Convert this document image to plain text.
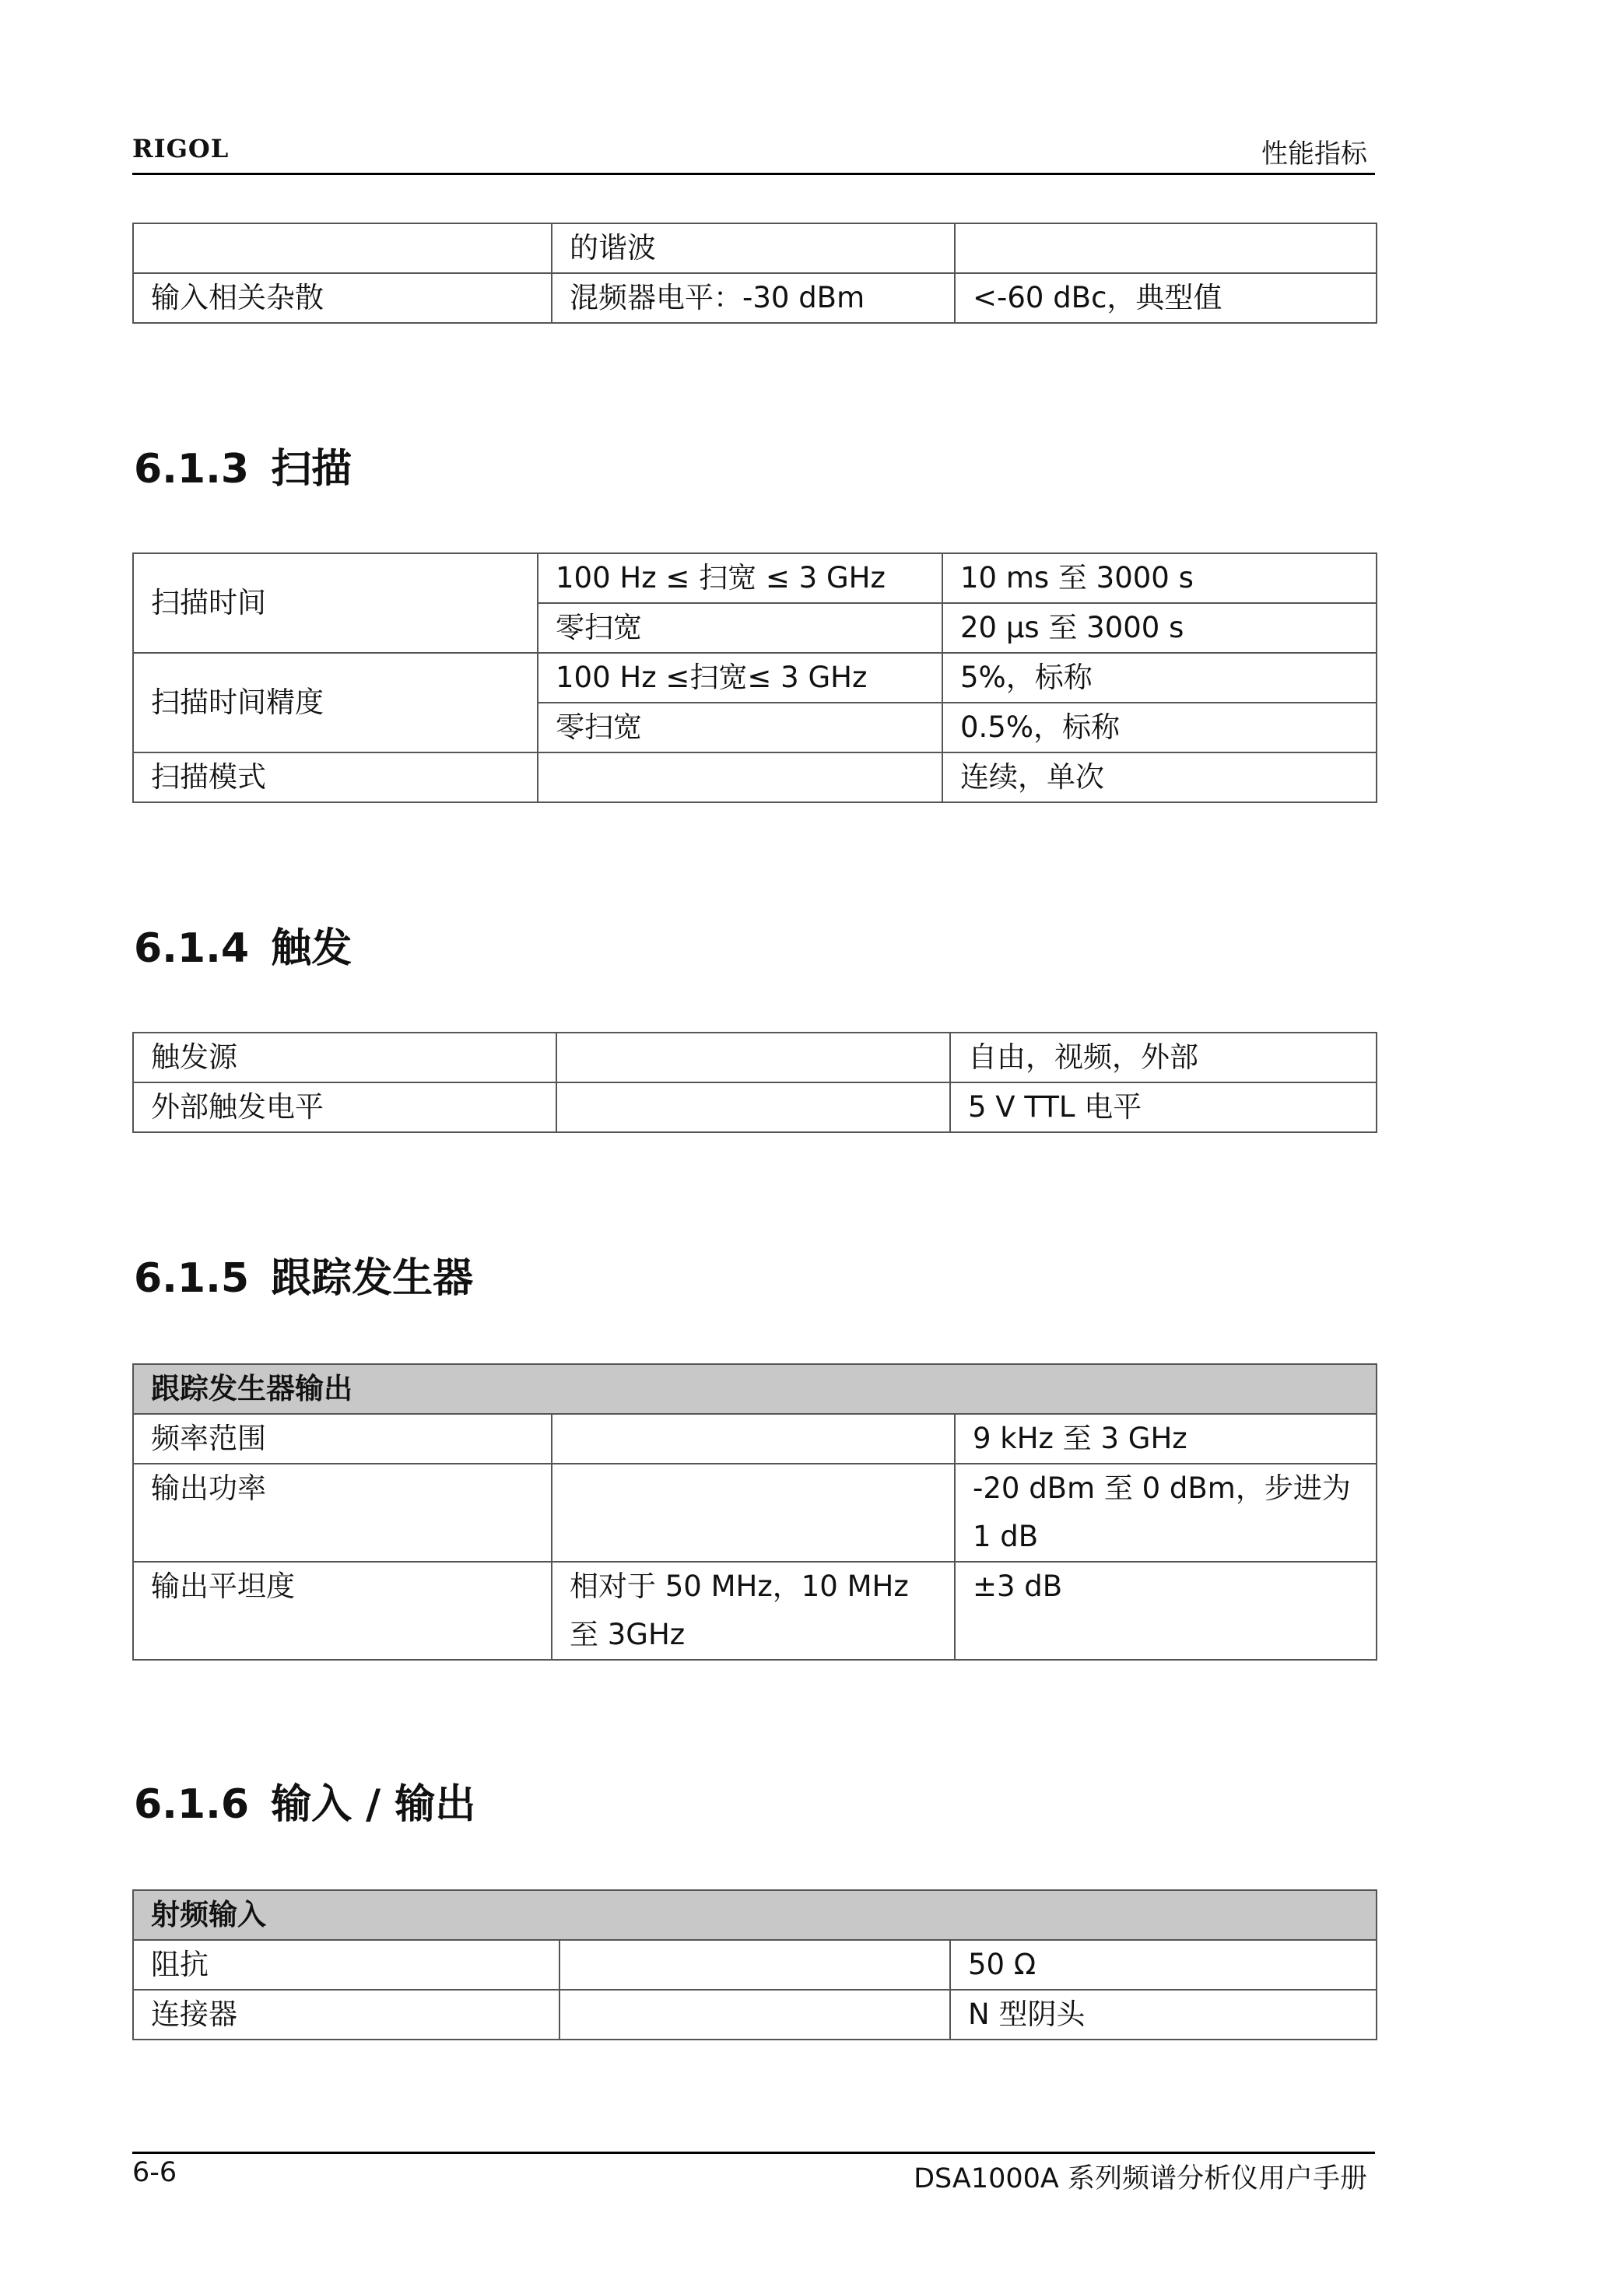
RIGOL	性能指标
	的谐波	
输入相关杂散	混频器电平：-30 dBm	<-60 dBc，典型值
6.1.3 扫描
扫描时间	100 Hz ≤ 扫宽 ≤ 3 GHz	10 ms 至 3000 s
	零扫宽	20 μs 至 3000 s
扫描时间精度	100 Hz ≤扫宽≤ 3 GHz	5%，标称
	零扫宽	0.5%，标称
扫描模式		连续，单次
6.1.4 触发
触发源		自由，视频，外部
外部触发电平		5 V TTL 电平
6.1.5 跟踪发生器
跟踪发生器输出		
频率范围		9 kHz 至 3 GHz
输出功率		-20 dBm 至 0 dBm，步进为 1 dB
输出平坦度	相对于 50 MHz，10 MHz 至 3GHz	±3 dB
6.1.6 输入 / 输出
射频输入		
阻抗		50 Ω
连接器		N 型阴头
6-6	DSA1000A 系列频谱分析仪用户手册
